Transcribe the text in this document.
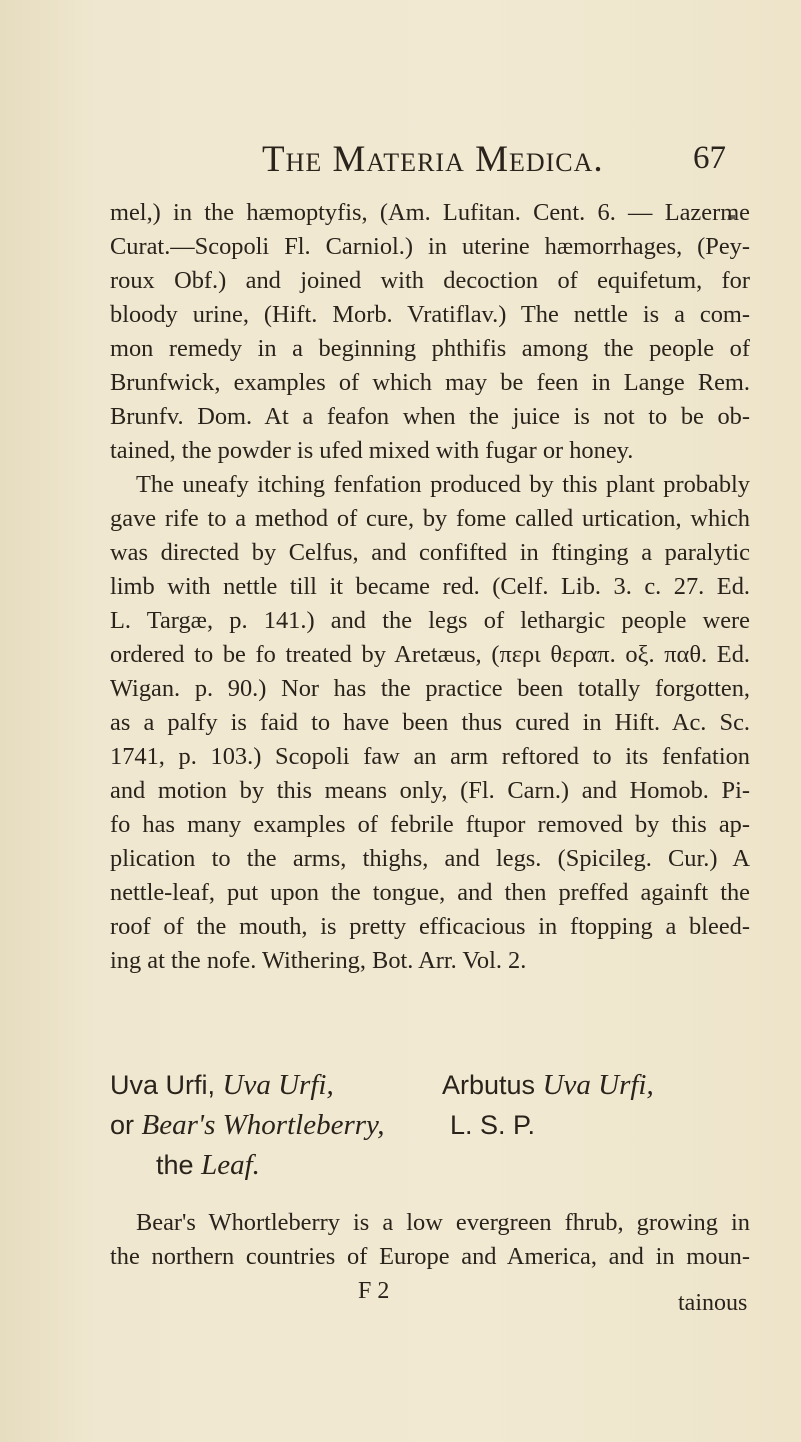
The Materia Medica.	67
mel,) in the hæmoptyfis, (Am. Lufitan. Cent. 6. — Lazerme
Curat.—Scopoli Fl. Carniol.) in uterine hæmorrhages, (Pey-
roux Obf.) and joined with decoction of equifetum, for
bloody urine, (Hift. Morb. Vratiflav.) The nettle is a com-
mon remedy in a beginning phthifis among the people of
Brunfwick, examples of which may be feen in Lange Rem.
Brunfv. Dom. At a feafon when the juice is not to be ob-
tained, the powder is ufed mixed with fugar or honey.
The uneafy itching fenfation produced by this plant probably
gave rife to a method of cure, by fome called urtication, which
was directed by Celfus, and confifted in ftinging a paralytic
limb with nettle till it became red. (Celf. Lib. 3. c. 27. Ed.
L. Targæ, p. 141.) and the legs of lethargic people were
ordered to be fo treated by Aretæus, (περι θεραπ. οξ. παθ. Ed.
Wigan. p. 90.) Nor has the practice been totally forgotten,
as a palfy is faid to have been thus cured in Hift. Ac. Sc.
1741, p. 103.) Scopoli faw an arm reftored to its fenfation
and motion by this means only, (Fl. Carn.) and Homob. Pi-
fo has many examples of febrile ftupor removed by this ap-
plication to the arms, thighs, and legs. (Spicileg. Cur.) A
nettle-leaf, put upon the tongue, and then preffed againft the
roof of the mouth, is pretty efficacious in ftopping a bleed-
ing at the nofe. Withering, Bot. Arr. Vol. 2.
Uva Urfi, Uva Urfi,	Arbutus Uva Urfi,
or Bear's Whortleberry, L. S. P.
the Leaf.
Bear's Whortleberry is a low evergreen fhrub, growing in
the northern countries of Europe and America, and in moun-
F 2	tainous
